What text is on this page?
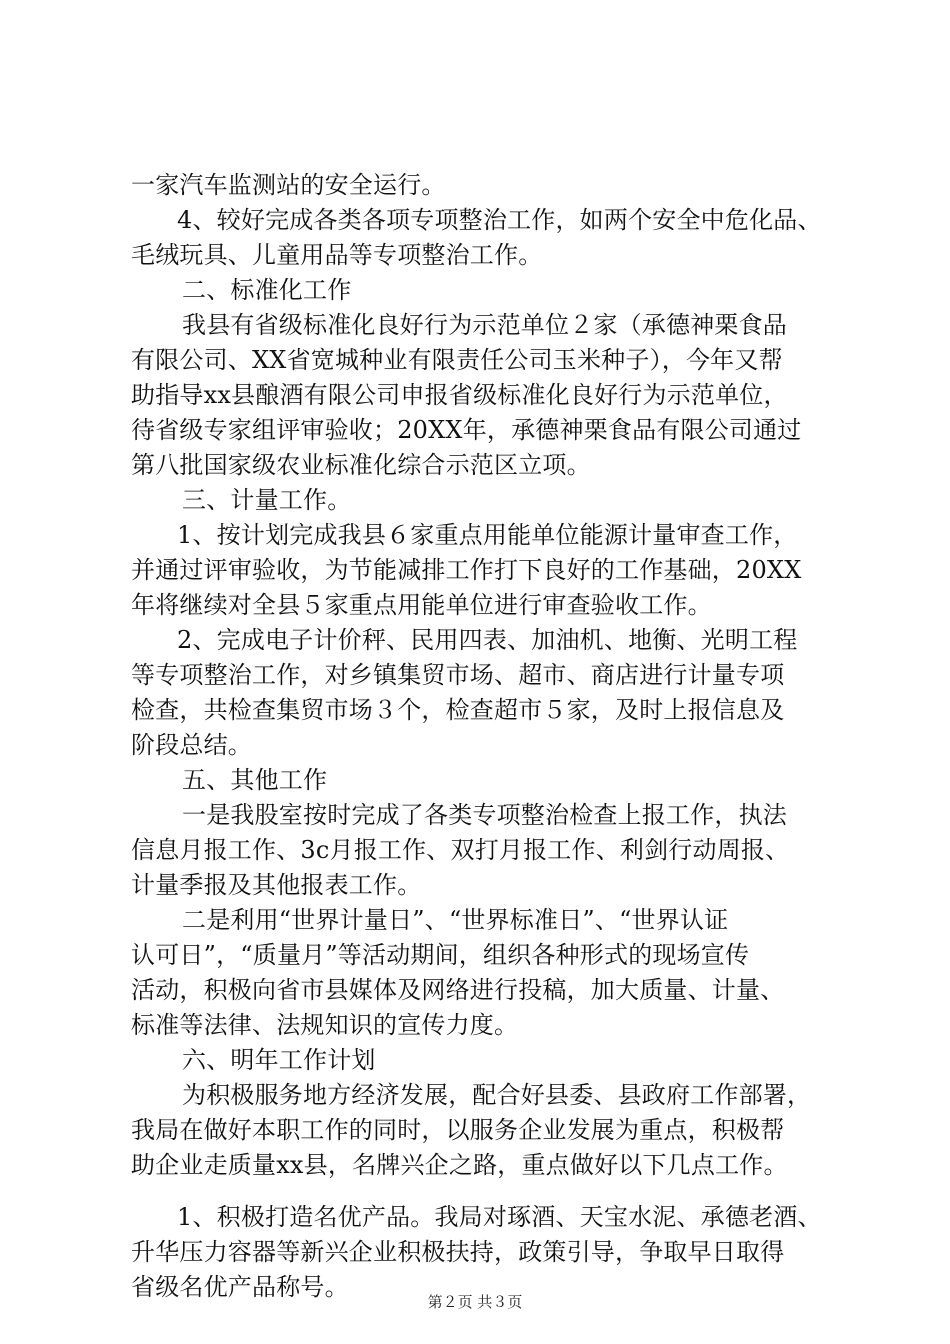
一家汽车监测站的安全运行。
4、较好完成各类各项专项整治工作，如两个安全中危化品、
毛绒玩具、儿童用品等专项整治工作。
二、标准化工作
我县有省级标准化良好行为示范单位２家（承德神栗食品
有限公司、XX省宽城种业有限责任公司玉米种子），今年又帮
助指导xx县酿酒有限公司申报省级标准化良好行为示范单位，
待省级专家组评审验收；20XX年，承德神栗食品有限公司通过
第八批国家级农业标准化综合示范区立项。
三、计量工作。
1、按计划完成我县６家重点用能单位能源计量审查工作，
并通过评审验收，为节能减排工作打下良好的工作基础，20XX
年将继续对全县５家重点用能单位进行审查验收工作。
2、完成电子计价秤、民用四表、加油机、地衡、光明工程
等专项整治工作，对乡镇集贸市场、超市、商店进行计量专项
检查，共检查集贸市场３个，检查超市５家，及时上报信息及
阶段总结。
五、其他工作
一是我股室按时完成了各类专项整治检查上报工作，执法
信息月报工作、3c月报工作、双打月报工作、利剑行动周报、
计量季报及其他报表工作。
二是利用“世界计量日”、“世界标准日”、“世界认证
认可日”，“质量月”等活动期间，组织各种形式的现场宣传
活动，积极向省市县媒体及网络进行投稿，加大质量、计量、
标准等法律、法规知识的宣传力度。
六、明年工作计划
为积极服务地方经济发展，配合好县委、县政府工作部署，
我局在做好本职工作的同时，以服务企业发展为重点，积极帮
助企业走质量xx县，名牌兴企之路，重点做好以下几点工作。
1、积极打造名优产品。我局对琢酒、天宝水泥、承德老酒、
升华压力容器等新兴企业积极扶持，政策引导，争取早日取得
省级名优产品称号。
第２页 共３页
